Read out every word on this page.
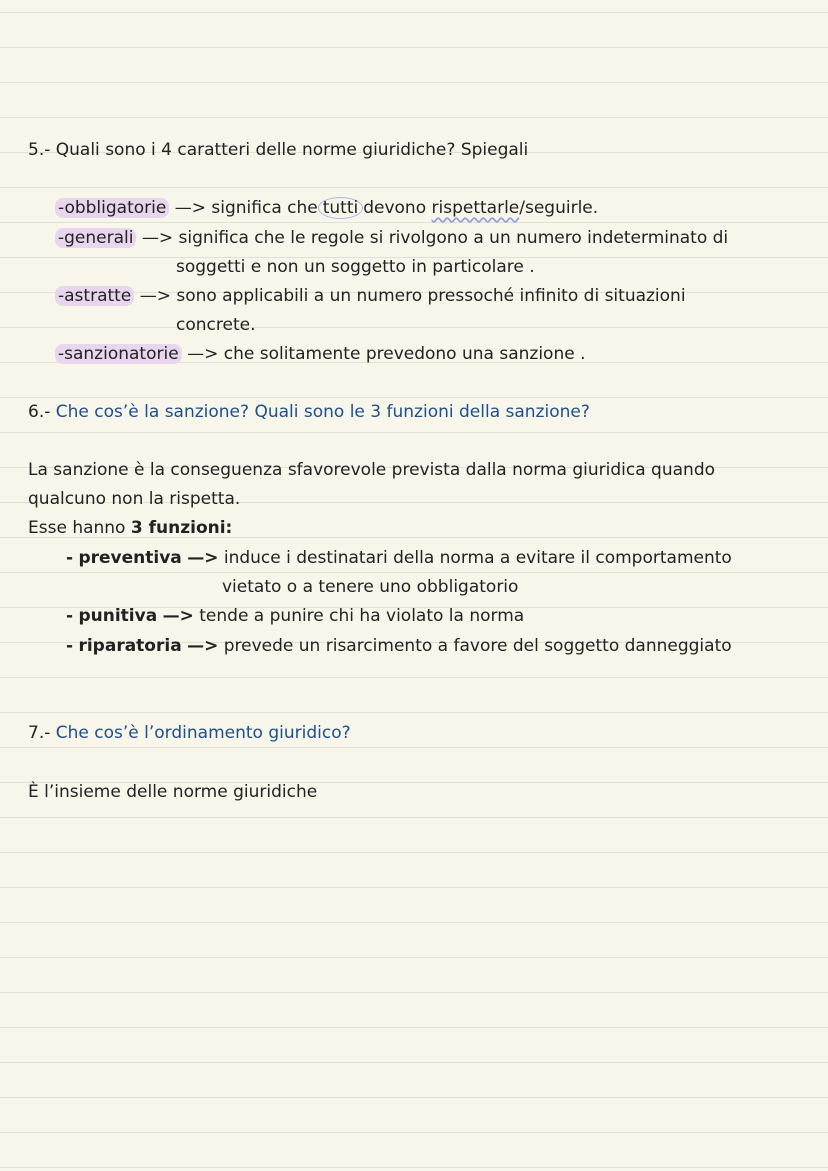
5.- Quali sono i 4 caratteri delle norme giuridiche? Spiegali
-obbligatorie —> significa che tutti devono rispettarle/seguirle.
-generali —> significa che le regole si rivolgono a un numero indeterminato di
soggetti e non un soggetto in particolare .
-astratte —> sono applicabili a un numero pressoché infinito di situazioni
concrete.
-sanzionatorie —> che solitamente prevedono una sanzione .
6.- Che cos’è la sanzione? Quali sono le 3 funzioni della sanzione?
La sanzione è la conseguenza sfavorevole prevista dalla norma giuridica quando
qualcuno non la rispetta.
Esse hanno 3 funzioni:
- preventiva —> induce i destinatari della norma a evitare il comportamento
vietato o a tenere uno obbligatorio
- punitiva —> tende a punire chi ha violato la norma
- riparatoria —> prevede un risarcimento a favore del soggetto danneggiato
7.- Che cos’è l’ordinamento giuridico?
È l’insieme delle norme giuridiche
